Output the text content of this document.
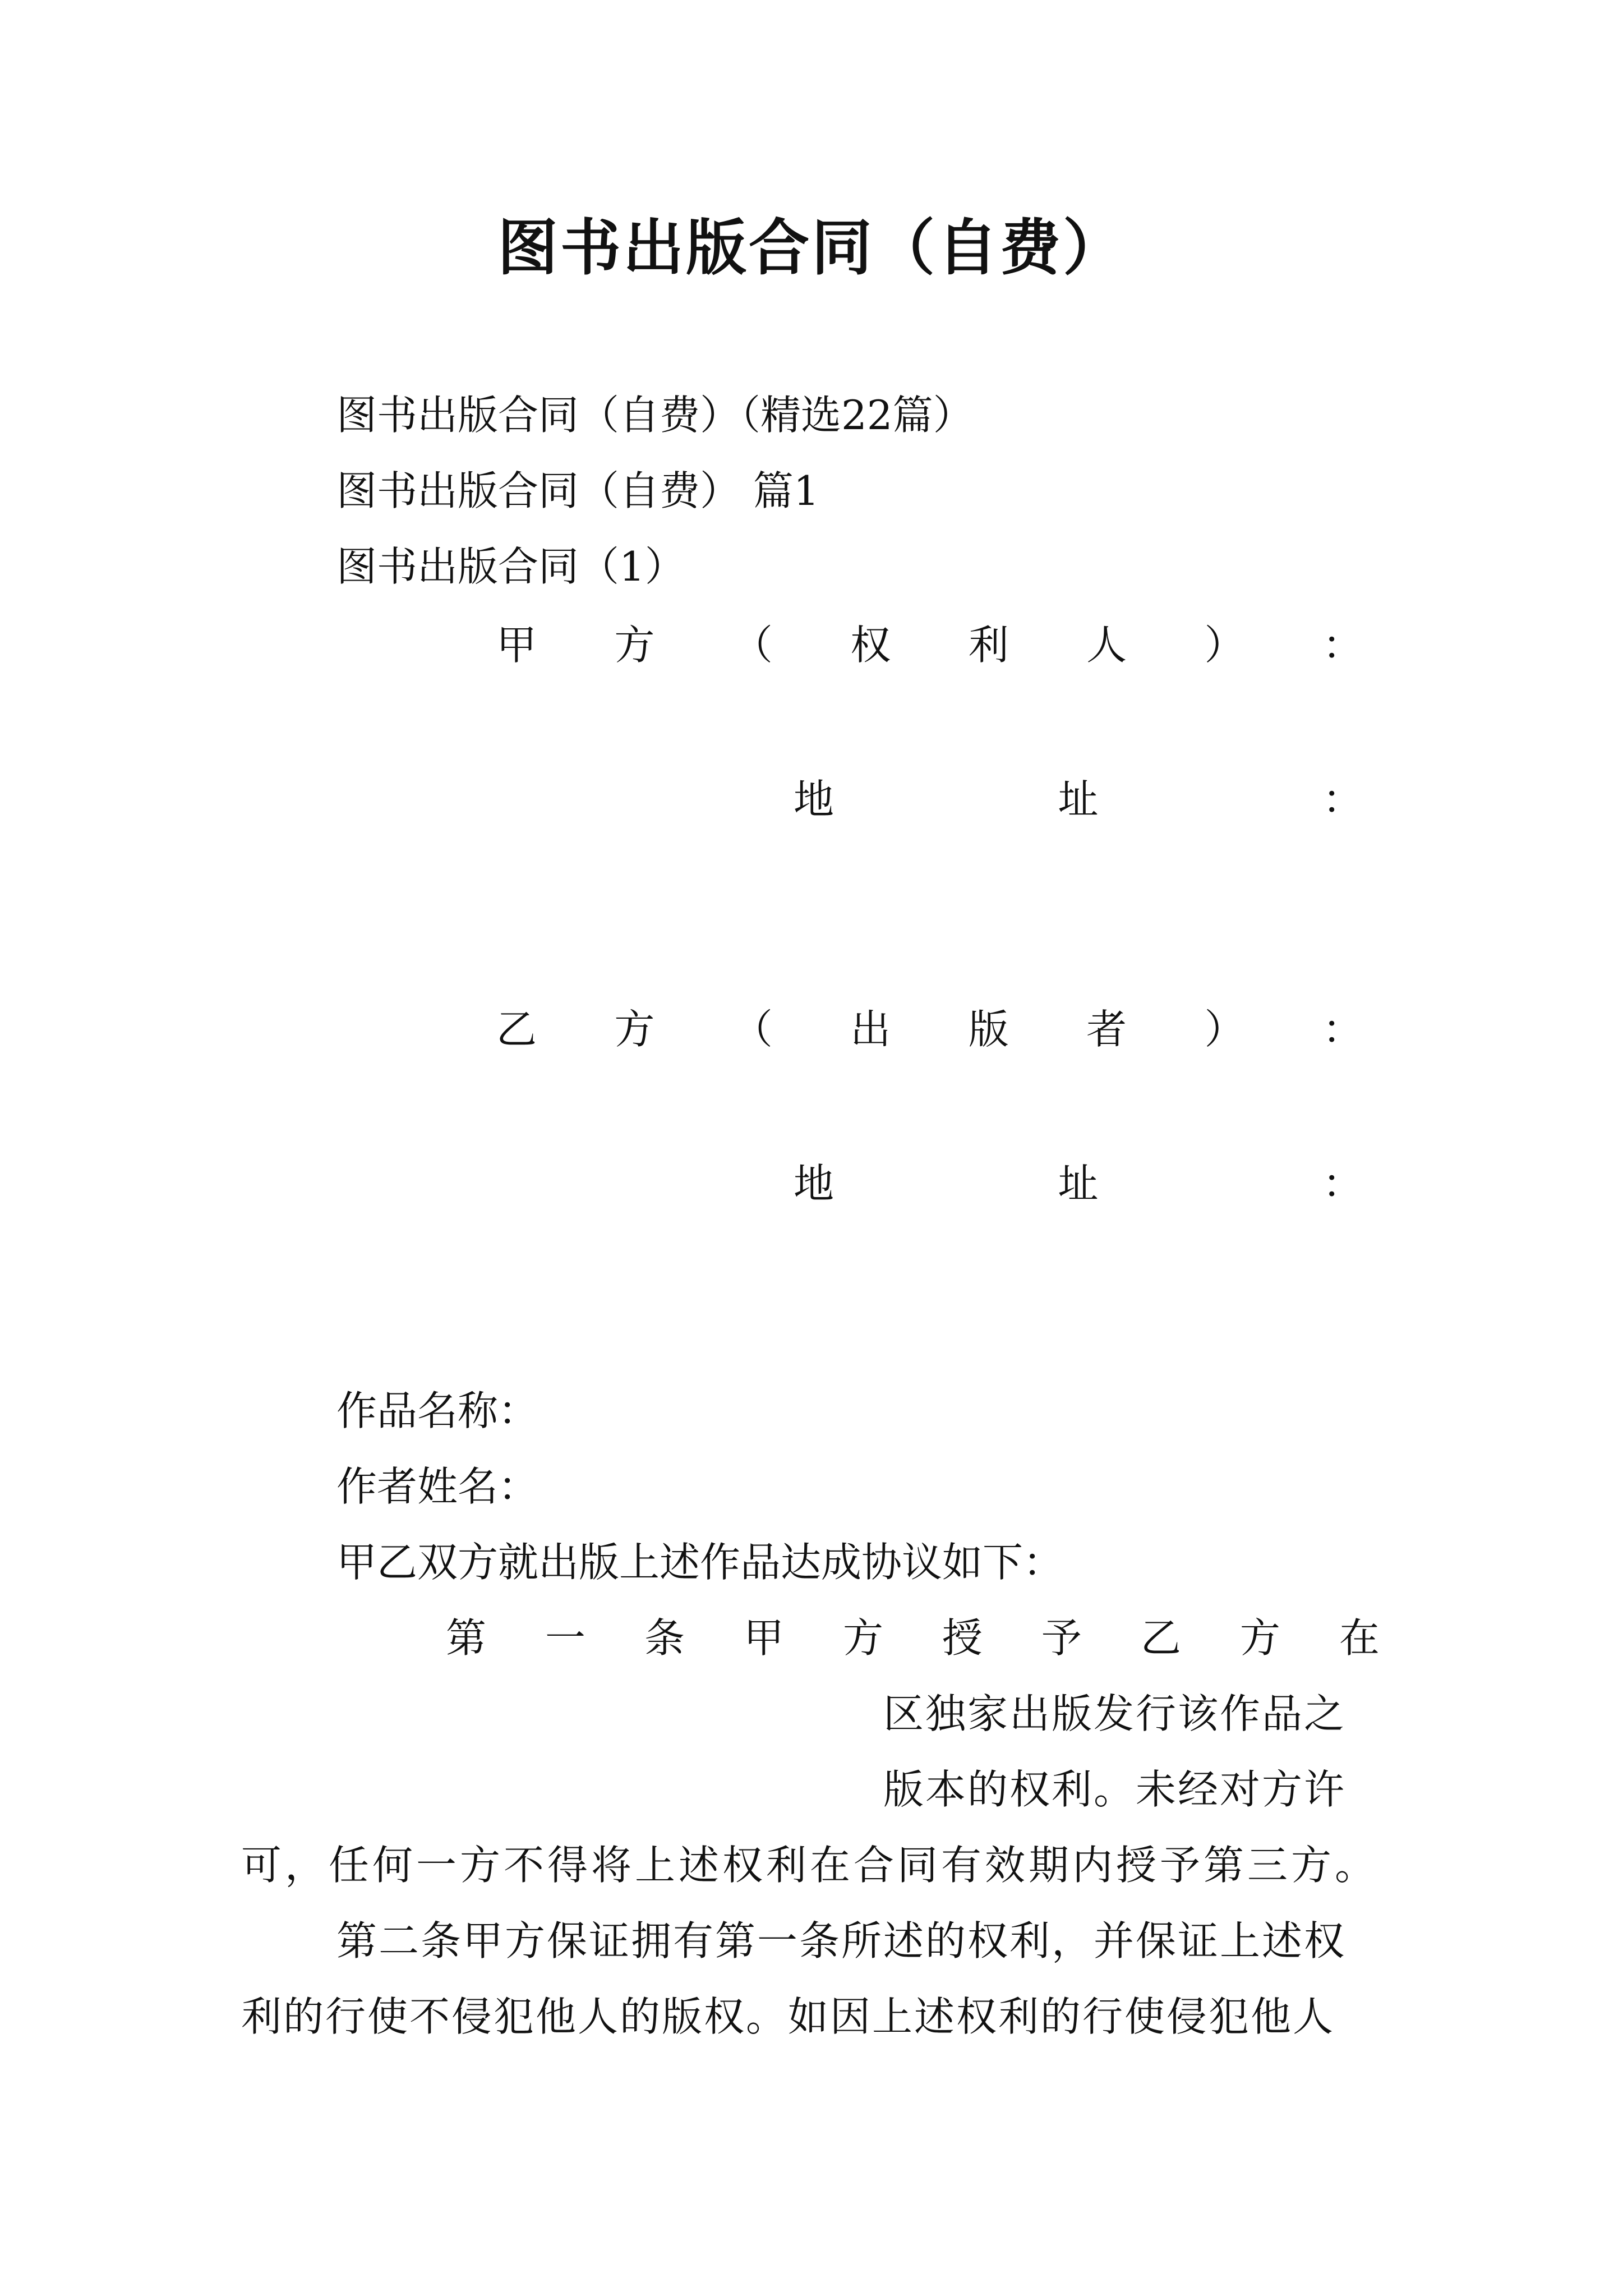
图书出版合同（自费）
图书出版合同（自费）（精选22篇）
图书出版合同（自费） 篇1
图书出版合同（1）
甲 方 （ 权 利 人 ） ：
地	址	：
乙 方 （ 出 版 者 ） ：
地	址	：
作品名称：
作者姓名：
甲乙双方就出版上述作品达成协议如下：
第 一 条 甲 方 授 予 乙 方 在
区独家出版发行该作品之
版本的权利。未经对方许
可，任何一方不得将上述权利在合同有效期内授予第三方。
第二条甲方保证拥有第一条所述的权利，并保证上述权
利的行使不侵犯他人的版权。如因上述权利的行使侵犯他人
